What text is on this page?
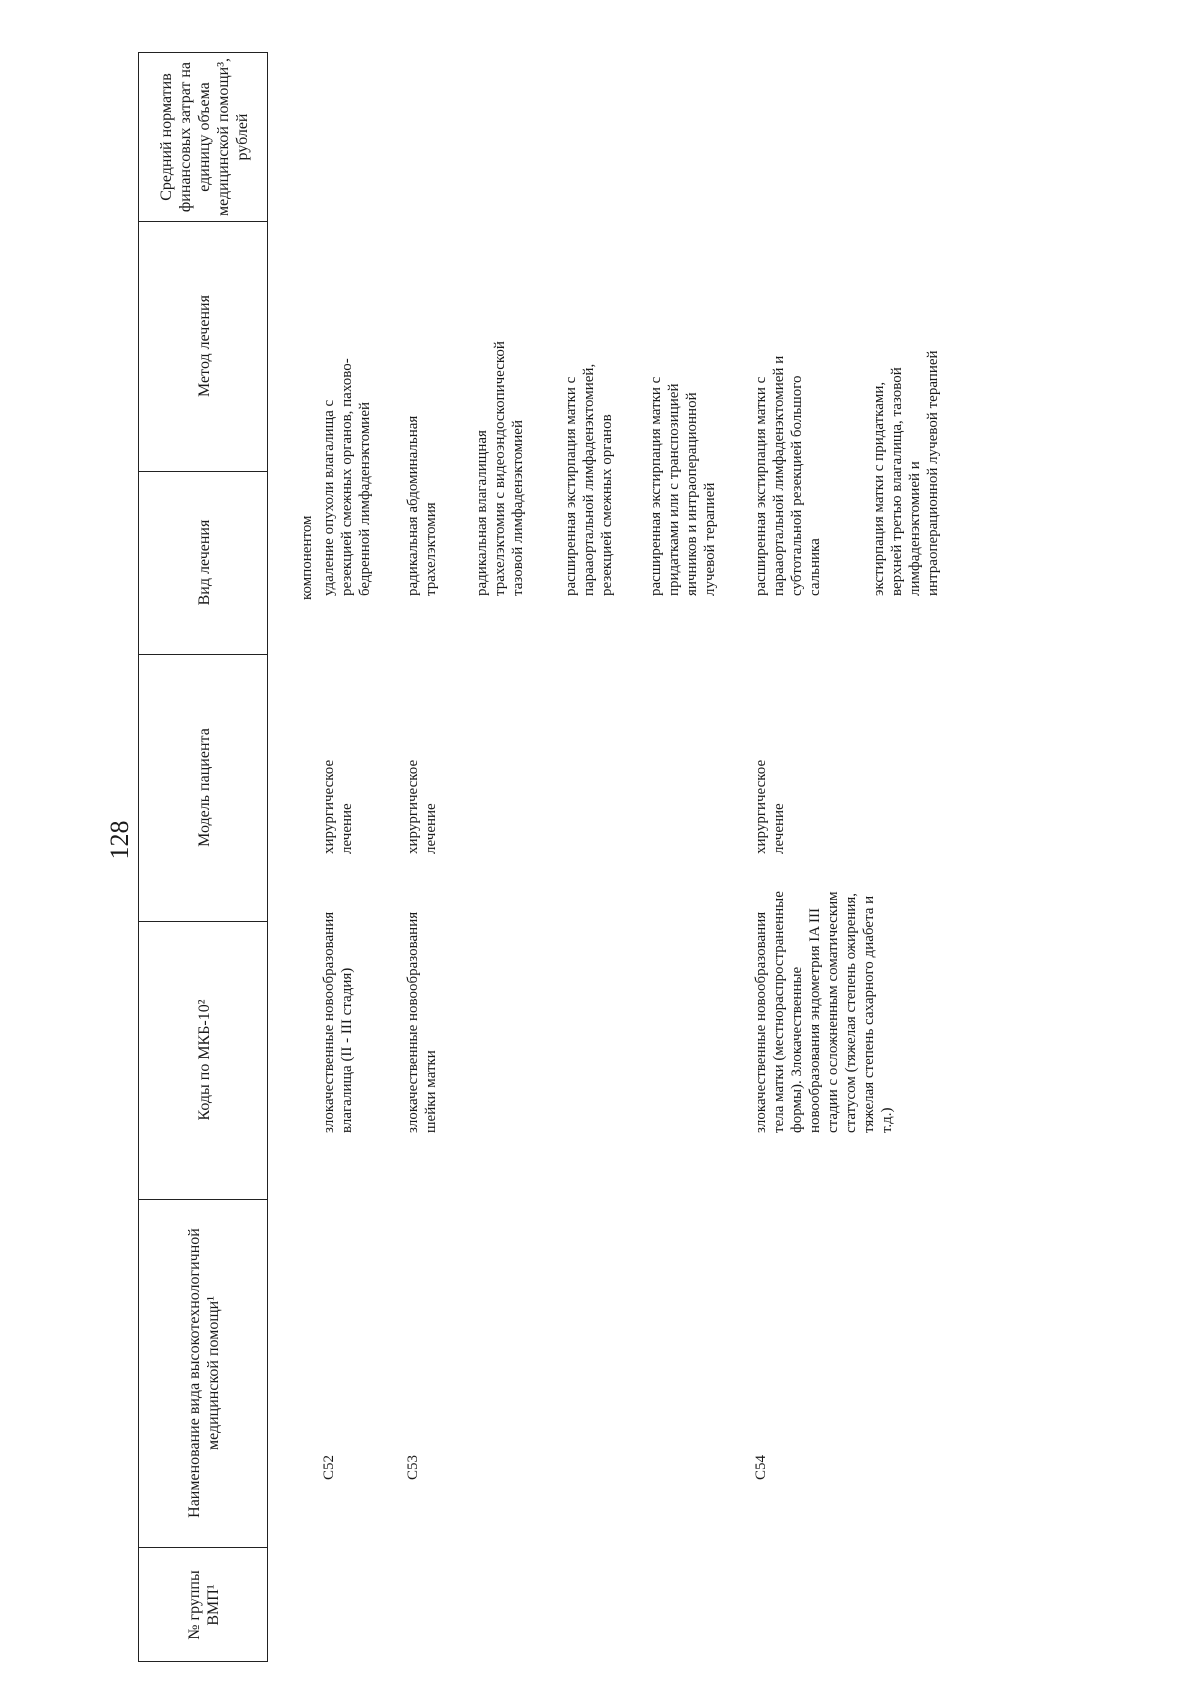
128
Средний норматив финансовых затрат на единицу объема медицинской помощи³, рублей
Метод лечения
Вид лечения
Модель пациента
Коды по МКБ-10²
Наименование вида высокотехнологичной медицинской помощи¹
№ группы ВМП¹
компонентом
C52
злокачественные новообразования влагалища (II - III стадия)
хирургическое лечение
удаление опухоли влагалища с резекцией смежных органов, пахово-бедренной лимфаденэктомией
C53
злокачественные новообразования шейки матки
хирургическое лечение
радикальная абдоминальная трахелэктомия радикальная влагалищная трахелэктомия с видеоэндоскопической тазовой лимфаденэктомией расширенная экстирпация матки с парааортальной лимфаденэктомией, резекцией смежных органов расширенная экстирпация матки с придатками или с транспозицией яичников и интраоперационной лучевой терапией
C54
злокачественные новообразования тела матки (местнораспространенные формы). Злокачественные новообразования эндометрия IA III стадии с осложненным соматическим статусом (тяжелая степень ожирения, тяжелая степень сахарного диабета и т.д.)
хирургическое лечение
расширенная экстирпация матки с парааортальной лимфаденэктомией и субтотальной резекцией большого сальника	экстирпация матки с придатками, верхней третью влагалища, тазовой лимфаденэктомией и интраоперационной лучевой терапией
